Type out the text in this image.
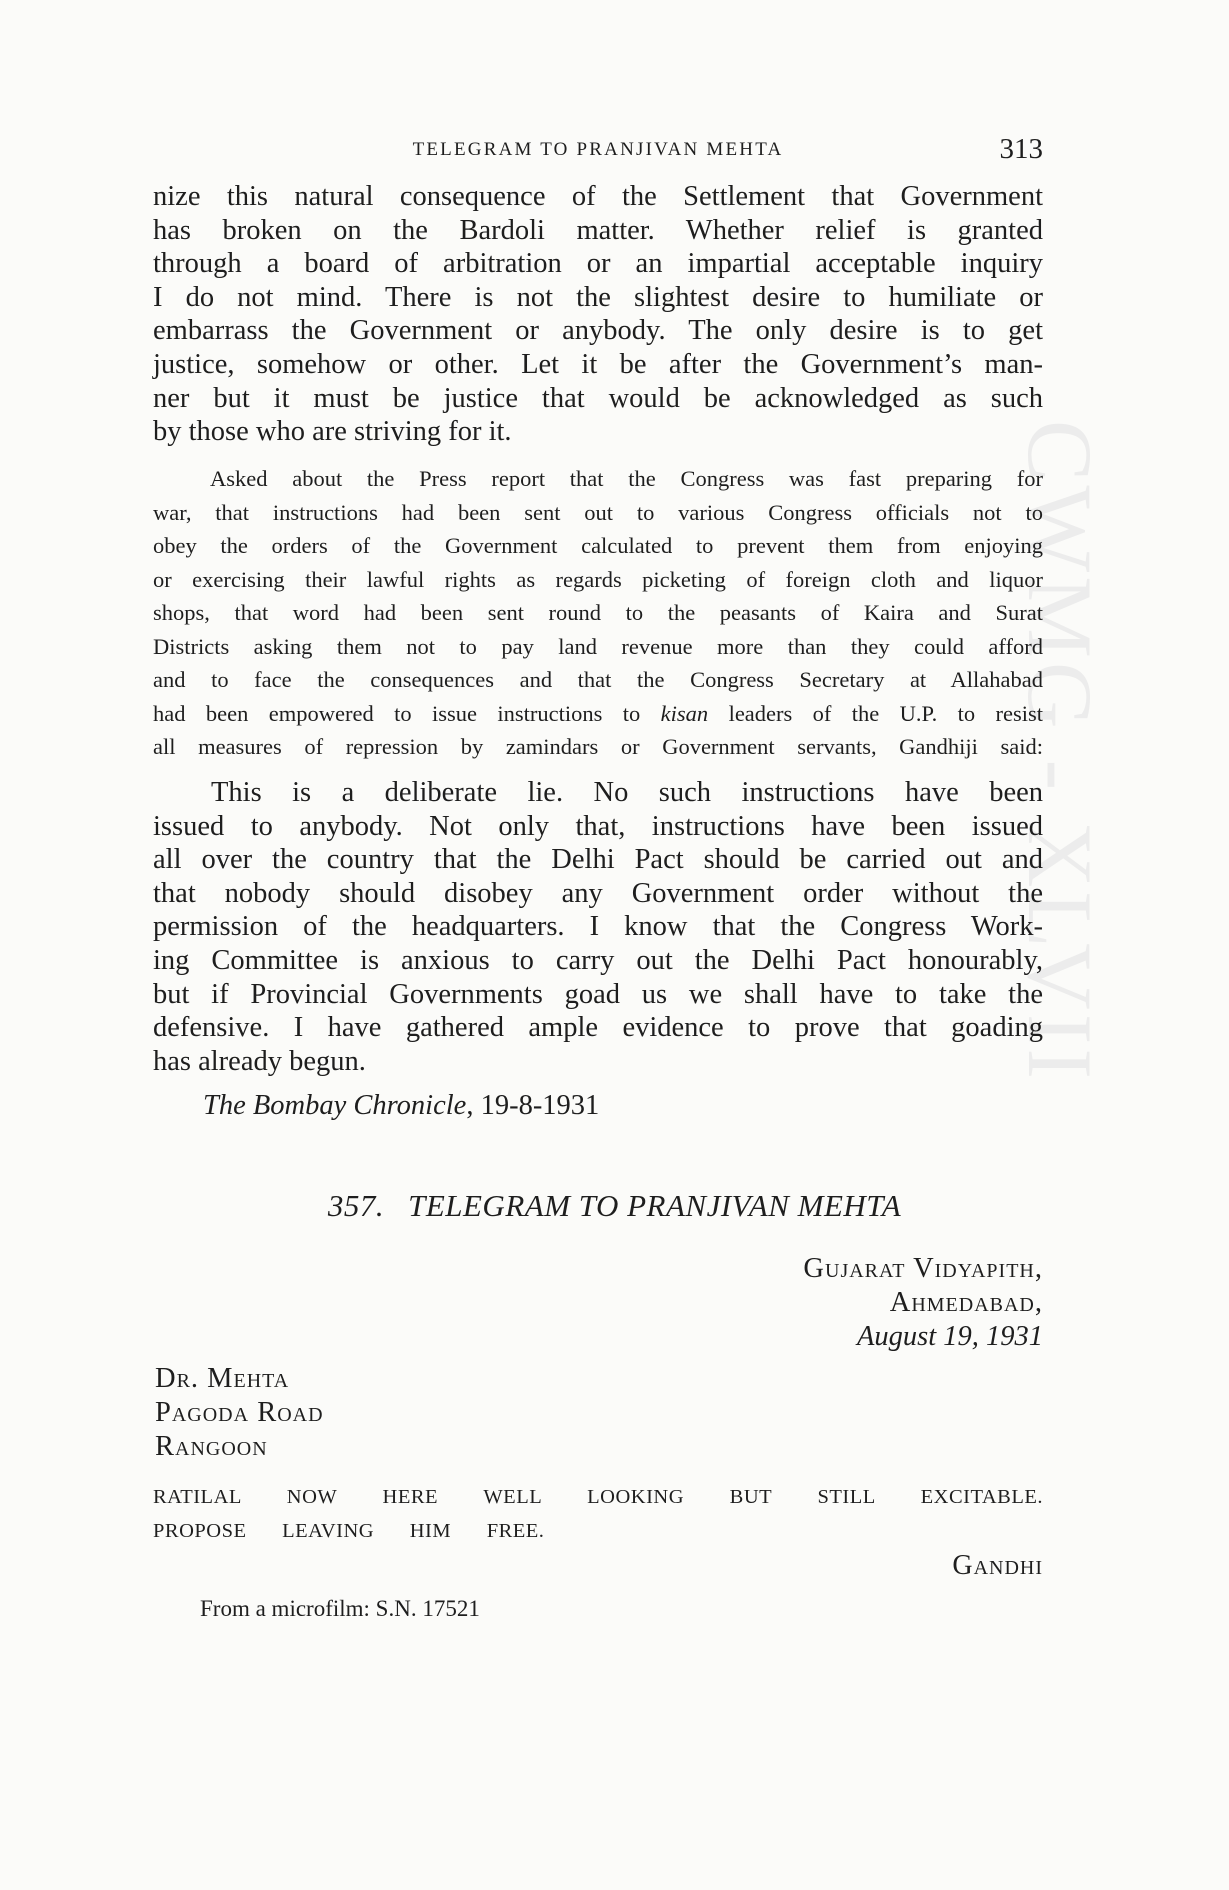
CWMG - XLVII
TELEGRAM TO PRANJIVAN MEHTA	313
nize this natural consequence of the Settlement that Government
has broken on the Bardoli matter. Whether relief is granted
through a board of arbitration or an impartial acceptable inquiry
I do not mind. There is not the slightest desire to humiliate or
embarrass the Government or anybody. The only desire is to get
justice, somehow or other. Let it be after the Government’s man-
ner but it must be justice that would be acknowledged as such
by those who are striving for it.
Asked about the Press report that the Congress was fast preparing for
war, that instructions had been sent out to various Congress officials not to
obey the orders of the Government calculated to prevent them from enjoying
or exercising their lawful rights as regards picketing of foreign cloth and liquor
shops, that word had been sent round to the peasants of Kaira and Surat
Districts asking them not to pay land revenue more than they could afford
and to face the consequences and that the Congress Secretary at Allahabad
had been empowered to issue instructions to kisan leaders of the U.P. to resist
all measures of repression by zamindars or Government servants, Gandhiji said:
This is a deliberate lie. No such instructions have been
issued to anybody. Not only that, instructions have been issued
all over the country that the Delhi Pact should be carried out and
that nobody should disobey any Government order without the
permission of the headquarters. I know that the Congress Work-
ing Committee is anxious to carry out the Delhi Pact honourably,
but if Provincial Governments goad us we shall have to take the
defensive. I have gathered ample evidence to prove that goading
has already begun.
The Bombay Chronicle, 19-8-1931
357. TELEGRAM TO PRANJIVAN MEHTA
Gujarat Vidyapith,
Ahmedabad,
August 19, 1931
Dr. Mehta
Pagoda Road
Rangoon
RATILAL NOW HERE WELL LOOKING BUT STILL EXCITABLE.
PROPOSE LEAVING HIM FREE.
Gandhi
From a microfilm: S.N. 17521
